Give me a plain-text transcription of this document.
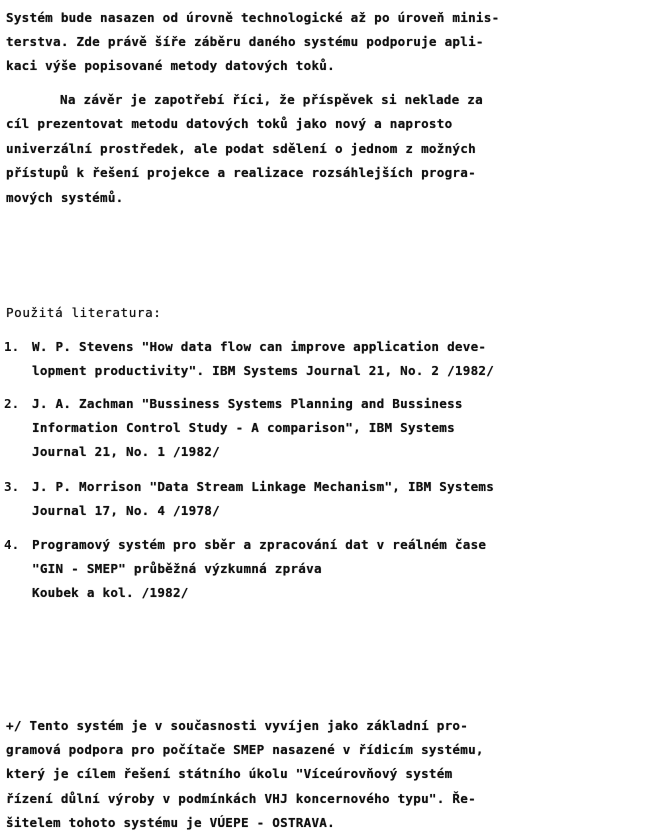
Systém bude nasazen od úrovně technologické až po úroveň minis-
terstva. Zde právě šíře záběru daného systému podporuje apli-
kaci výše popisované metody datových toků.
Na závěr je zapotřebí říci, že příspěvek si neklade za
cíl prezentovat metodu datových toků jako nový a naprosto
univerzální prostředek, ale podat sdělení o jednom z možných
přístupů k řešení projekce a realizace rozsáhlejších progra-
mových systémů.
Použitá literatura:
1. W. P. Stevens "How data flow can improve application deve-
lopment productivity". IBM Systems Journal 21, No. 2 /1982/
2. J. A. Zachman "Bussiness Systems Planning and Bussiness
Information Control Study - A comparison", IBM Systems
Journal 21, No. 1 /1982/
3. J. P. Morrison "Data Stream Linkage Mechanism", IBM Systems
Journal 17, No. 4 /1978/
4. Programový systém pro sběr a zpracování dat v reálném čase
"GIN - SMEP" průběžná výzkumná zpráva
Koubek a kol. /1982/
+/ Tento systém je v současnosti vyvíjen jako základní pro-
gramová podpora pro počítače SMEP nasazené v řídicím systému,
který je cílem řešení státního úkolu "Víceúrovňový systém
řízení důlní výroby v podmínkách VHJ koncernového typu". Ře-
šitelem tohoto systému je VÚEPE - OSTRAVA.
